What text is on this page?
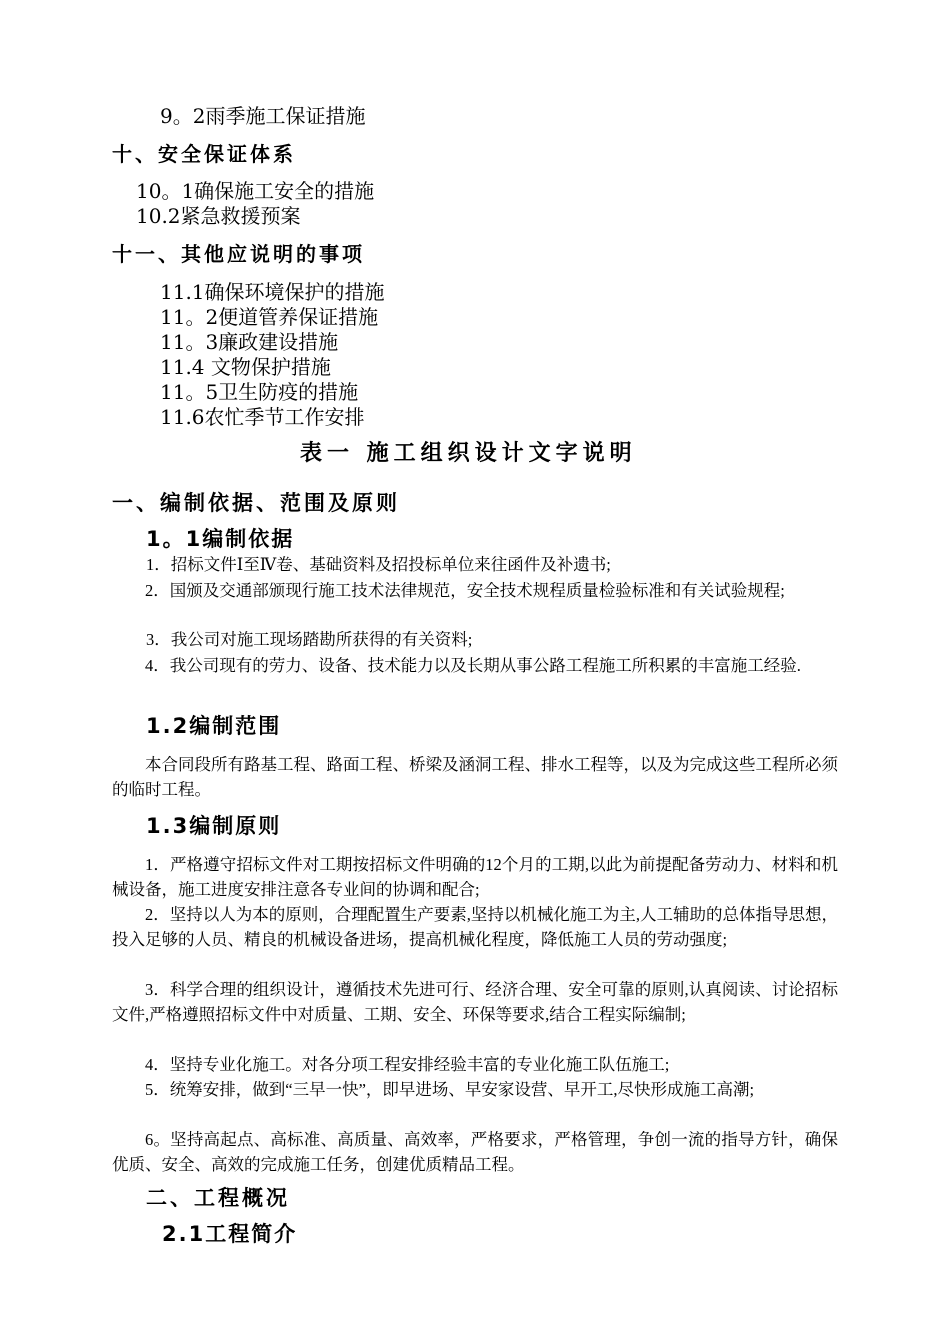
9。2雨季施工保证措施
十、安全保证体系
10。1确保施工安全的措施
10.2紧急救援预案
十一、其他应说明的事项
11.1确保环境保护的措施
11。2便道管养保证措施
11。3廉政建设措施
11.4 文物保护措施
11。5卫生防疫的措施
11.6农忙季节工作安排
表一 施工组织设计文字说明
一、编制依据、范围及原则
1。1编制依据
1．招标文件Ⅰ至Ⅳ卷、基础资料及招投标单位来往函件及补遗书;

2．国颁及交通部颁现行施工技术法律规范，安全技术规程质量检验标准和有关试验规程;

3．我公司对施工现场踏勘所获得的有关资料;

4．我公司现有的劳力、设备、技术能力以及长期从事公路工程施工所积累的丰富施工经验.

1.2编制范围

本合同段所有路基工程、路面工程、桥梁及涵洞工程、排水工程等，以及为完成这些工程所必须的临时工程。

1.3编制原则

1．严格遵守招标文件对工期按招标文件明确的12个月的工期,以此为前提配备劳动力、材料和机械设备，施工进度安排注意各专业间的协调和配合;

2．坚持以人为本的原则，合理配置生产要素,坚持以机械化施工为主,人工辅助的总体指导思想，投入足够的人员、精良的机械设备进场，提高机械化程度，降低施工人员的劳动强度;

3．科学合理的组织设计，遵循技术先进可行、经济合理、安全可靠的原则,认真阅读、讨论招标文件,严格遵照招标文件中对质量、工期、安全、环保等要求,结合工程实际编制;

4．坚持专业化施工。对各分项工程安排经验丰富的专业化施工队伍施工;

5．统筹安排，做到“三早一快”，即早进场、早安家设营、早开工,尽快形成施工高潮;

6。坚持高起点、高标准、高质量、高效率，严格要求，严格管理，争创一流的指导方针，确保优质、安全、高效的完成施工任务，创建优质精品工程。

二、工程概况
2.1工程简介
